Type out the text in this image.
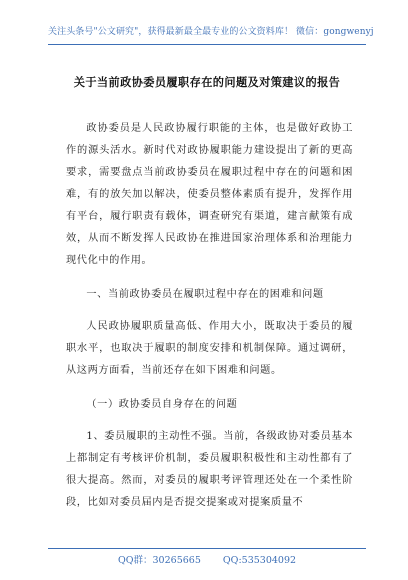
关注头条号"公文研究"，获得最新最全最专业的公文资料库！ 微信：gongwenyj
关于当前政协委员履职存在的问题及对策建议的报告

政协委员是人民政协履行职能的主体，也是做好政协工作的源头活水。新时代对政协履职能力建设提出了新的更高要求，需要盘点当前政协委员在履职过程中存在的问题和困难，有的放矢加以解决，使委员整体素质有提升，发挥作用有平台，履行职责有载体，调查研究有渠道，建言献策有成效，从而不断发挥人民政协在推进国家治理体系和治理能力现代化中的作用。

一、当前政协委员在履职过程中存在的困难和问题

人民政协履职质量高低、作用大小，既取决于委员的履职水平，也取决于履职的制度安排和机制保障。通过调研，从这两方面看，当前还存在如下困难和问题。

（一）政协委员自身存在的问题

1、委员履职的主动性不强。当前，各级政协对委员基本上都制定有考核评价机制，委员履职积极性和主动性都有了很大提高。然而，对委员的履职考评管理还处在一个柔性阶段，比如对委员届内是否提交提案或对提案质量不

QQ群：30265665 QQ:535304092
